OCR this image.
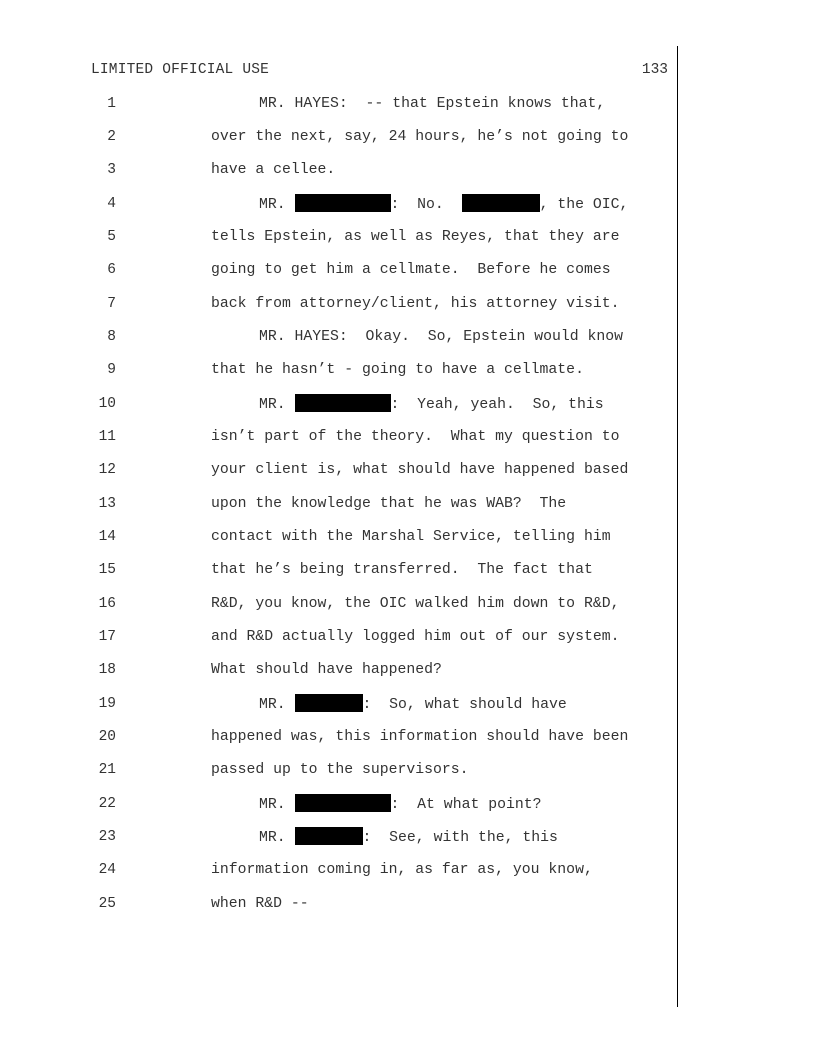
LIMITED OFFICIAL USE	133
1	MR. HAYES:  -- that Epstein knows that,
2	over the next, say, 24 hours, he’s not going to
3	have a cellee.
4	MR.	:  No.	, the OIC,
5	tells Epstein, as well as Reyes, that they are
6	going to get him a cellmate.  Before he comes
7	back from attorney/client, his attorney visit.
8	MR. HAYES:  Okay.  So, Epstein would know
9	that he hasn’t - going to have a cellmate.
10	MR.	:  Yeah, yeah.  So, this
11	isn’t part of the theory.  What my question to
12	your client is, what should have happened based
13	upon the knowledge that he was WAB?  The
14	contact with the Marshal Service, telling him
15	that he’s being transferred.  The fact that
16	R&D, you know, the OIC walked him down to R&D,
17	and R&D actually logged him out of our system.
18	What should have happened?
19	MR.	:  So, what should have
20	happened was, this information should have been
21	passed up to the supervisors.
22	MR.	:  At what point?
23	MR.	:  See, with the, this
24	information coming in, as far as, you know,
25	when R&D --
